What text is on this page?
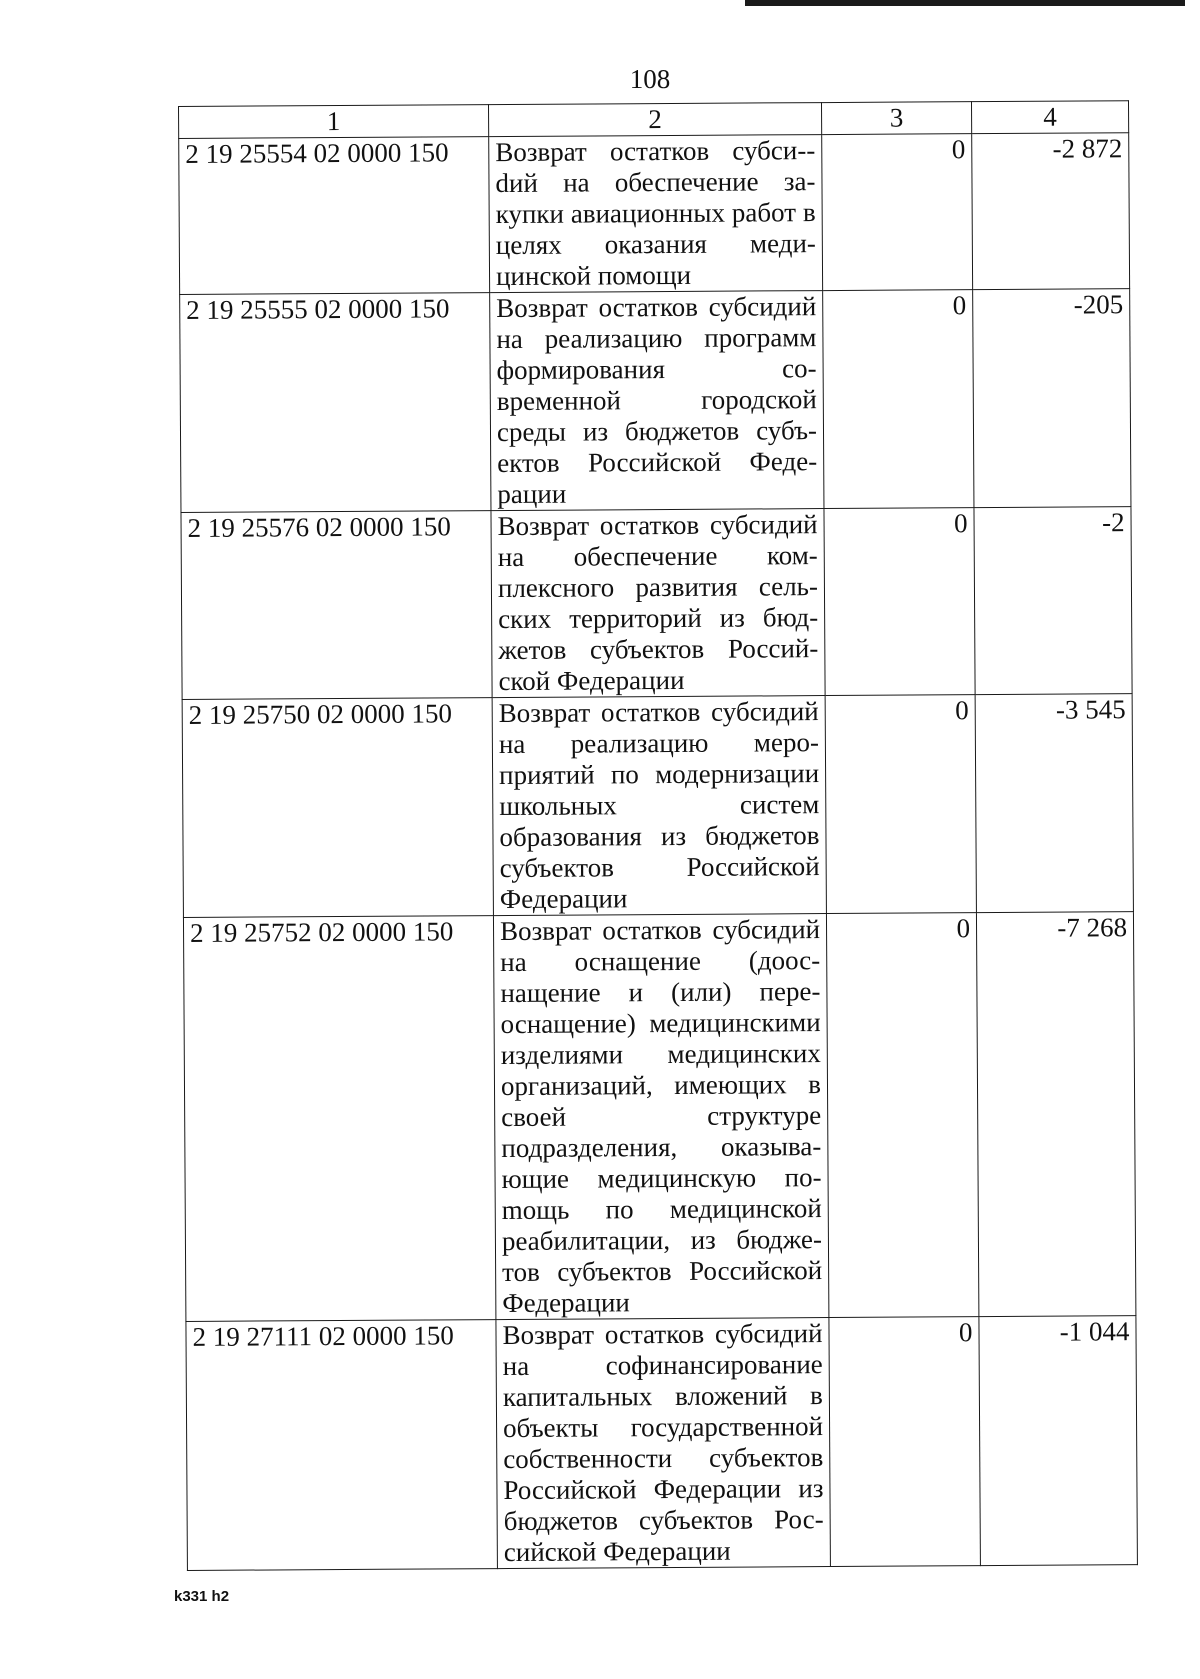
108
1	2	3	4
2 19 25554 02 0000 150	Возврат остатков субси-dий на обеспечение закупки авиационных работ в целях оказания медицинской помощи	0	-2 872
2 19 25555 02 0000 150	Возврат остатков субсидий на реализацию программ формирования современной городской среды из бюджетов субъектов Российской Федерации	0	-205
2 19 25576 02 0000 150	Возврат остатков субсидий на обеспечение комплексного развития сельских территорий из бюджетов субъектов Российской Федерации	0	-2
2 19 25750 02 0000 150	Возврат остатков субсидий на реализацию мероприятий по модернизации школьных систем образования из бюджетов субъектов Российской Федерации	0	-3 545
2 19 25752 02 0000 150	Возврат остатков субсидий на оснащение (дооснащение и (или) переоснащение) медицинскими изделиями медицинских организаций, имеющих в своей структуре подразделения, оказывающие медицинскую поmощь по медицинской реабилитации, из бюджетов субъектов Российской Федерации	0	-7 268
2 19 27111 02 0000 150	Возврат остатков субсидий на софинансирование капитальных вложений в объекты государственной собственности субъектов Российской Федерации из бюджетов субъектов Российской Федерации	0	-1 044
k331 h2
